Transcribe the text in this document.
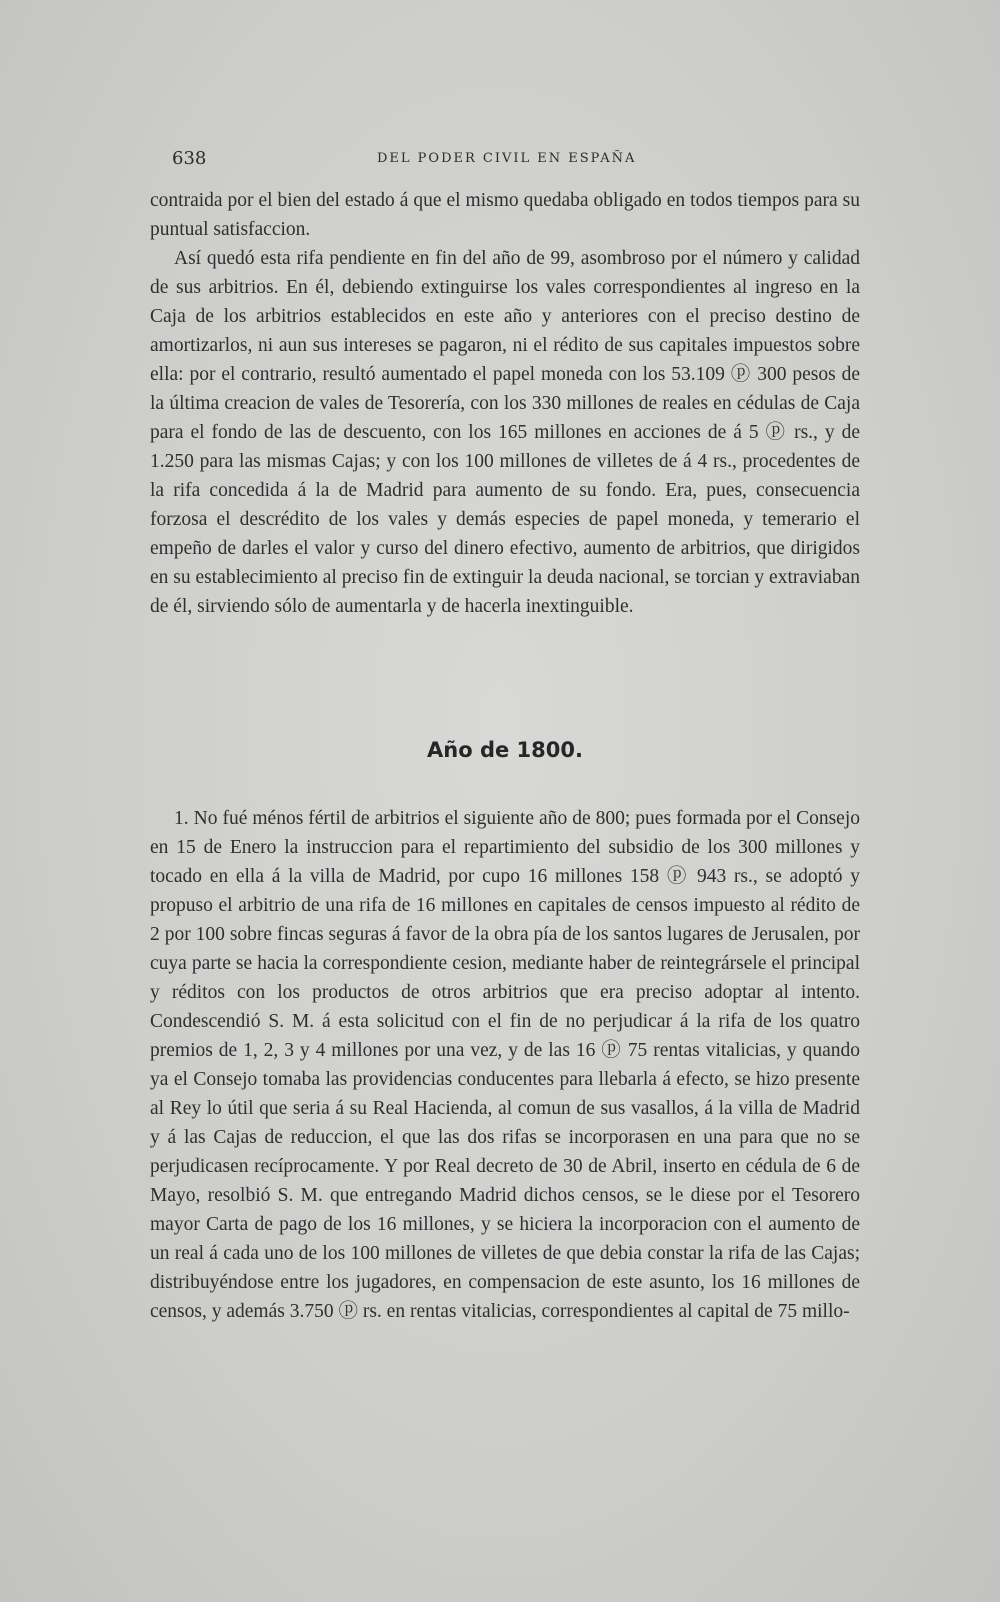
638	DEL PODER CIVIL EN ESPAÑA

contraida por el bien del estado á que el mismo quedaba obligado en todos tiempos para su puntual satisfaccion.

Así quedó esta rifa pendiente en fin del año de 99, asombroso por el número y calidad de sus arbitrios. En él, debiendo extinguirse los vales correspondientes al ingreso en la Caja de los arbitrios establecidos en este año y anteriores con el preciso destino de amortizarlos, ni aun sus intereses se pagaron, ni el rédito de sus capitales impuestos sobre ella: por el contrario, resultó aumentado el papel moneda con los 53.109 ⓟ 300 pesos de la última creacion de vales de Tesorería, con los 330 millones de reales en cédulas de Caja para el fondo de las de descuento, con los 165 millones en acciones de á 5 ⓟ rs., y de 1.250 para las mismas Cajas; y con los 100 millones de villetes de á 4 rs., procedentes de la rifa concedida á la de Madrid para aumento de su fondo. Era, pues, consecuencia forzosa el descrédito de los vales y demás especies de papel moneda, y temerario el empeño de darles el valor y curso del dinero efectivo, aumento de arbitrios, que dirigidos en su establecimiento al preciso fin de extinguir la deuda nacional, se torcian y extraviaban de él, sirviendo sólo de aumentarla y de hacerla inextinguible.

Año de 1800.

1. No fué ménos fértil de arbitrios el siguiente año de 800; pues formada por el Consejo en 15 de Enero la instruccion para el repartimiento del subsidio de los 300 millones y tocado en ella á la villa de Madrid, por cupo 16 millones 158 ⓟ 943 rs., se adoptó y propuso el arbitrio de una rifa de 16 millones en capitales de censos impuesto al rédito de 2 por 100 sobre fincas seguras á favor de la obra pía de los santos lugares de Jerusalen, por cuya parte se hacia la correspondiente cesion, mediante haber de reintegrársele el principal y réditos con los productos de otros arbitrios que era preciso adoptar al intento. Condescendió S. M. á esta solicitud con el fin de no perjudicar á la rifa de los quatro premios de 1, 2, 3 y 4 millones por una vez, y de las 16 ⓟ 75 rentas vitalicias, y quando ya el Consejo tomaba las providencias conducentes para llebarla á efecto, se hizo presente al Rey lo útil que seria á su Real Hacienda, al comun de sus vasallos, á la villa de Madrid y á las Cajas de reduccion, el que las dos rifas se incorporasen en una para que no se perjudicasen recíprocamente. Y por Real decreto de 30 de Abril, inserto en cédula de 6 de Mayo, resolbió S. M. que entregando Madrid dichos censos, se le diese por el Tesorero mayor Carta de pago de los 16 millones, y se hiciera la incorporacion con el aumento de un real á cada uno de los 100 millones de villetes de que debia constar la rifa de las Cajas; distribuyéndose entre los jugadores, en compensacion de este asunto, los 16 millones de censos, y además 3.750 ⓟ rs. en rentas vitalicias, correspondientes al capital de 75 millo-
